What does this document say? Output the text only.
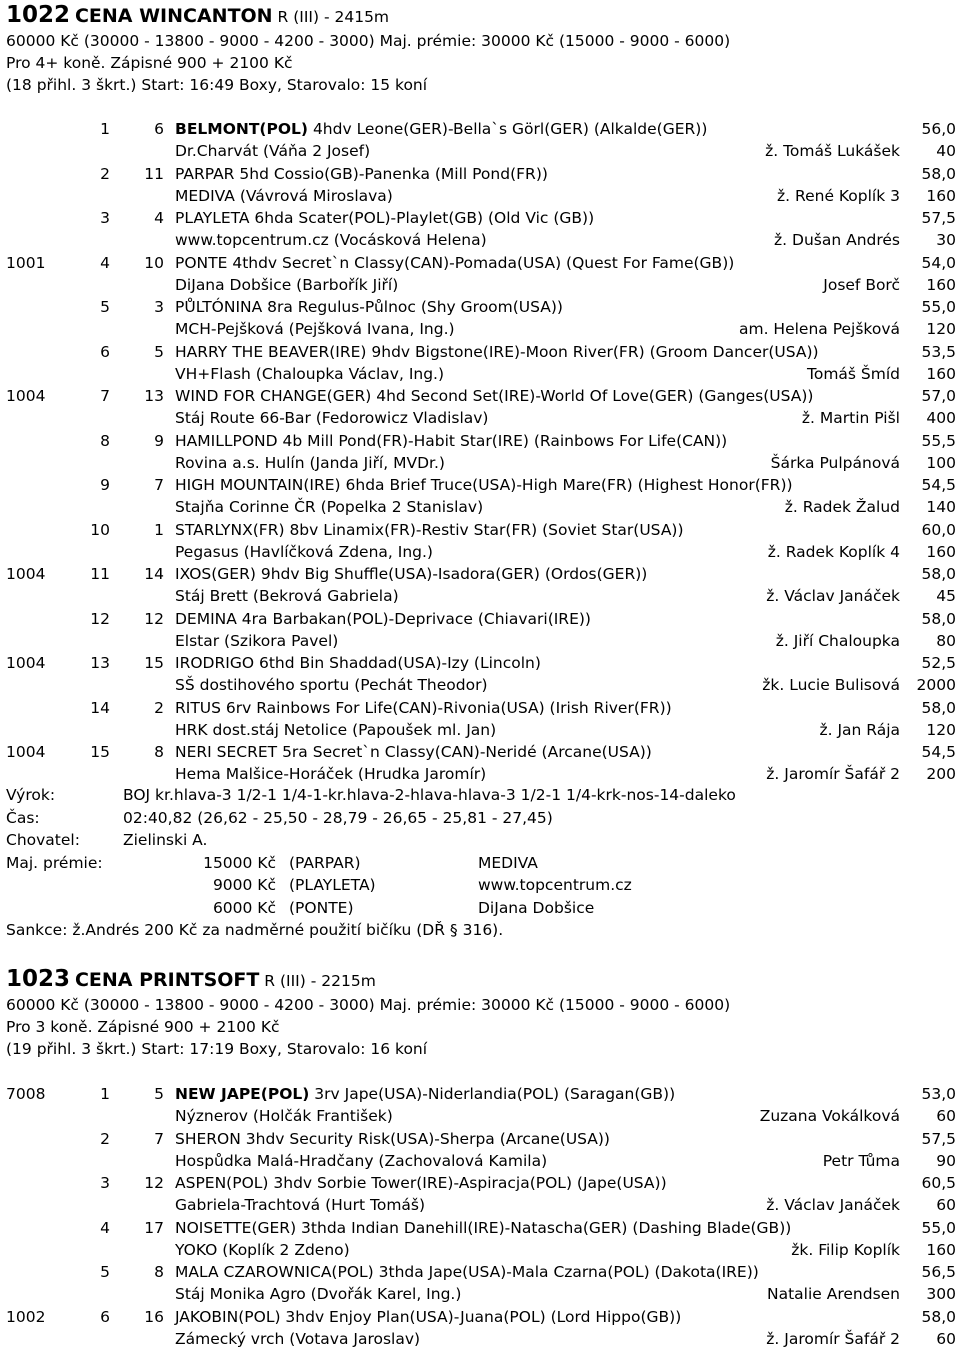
1022 CENA WINCANTON R (III) - 2415m
60000 Kč (30000 - 13800 - 9000 - 4200 - 3000) Maj. prémie: 30000 Kč (15000 - 9000 - 6000)
Pro 4+ koně. Zápisné 900 + 2100 Kč
(18 přihl. 3 škrt.) Start: 16:49 Boxy, Starovalo: 15 koní
1	6 BELMONT(POL) 4hdv Leone(GER)-Bella`s Görl(GER) (Alkalde(GER))	56,0
Dr.Charvát (Váňa 2 Josef)	ž. Tomáš Lukášek 40
2 11 PARPAR 5hd Cossio(GB)-Panenka (Mill Pond(FR))	58,0
MEDIVA (Vávrová Miroslava)	ž. René Koplík 3 160
3	4 PLAYLETA 6hda Scater(POL)-Playlet(GB) (Old Vic (GB))	57,5
www.topcentrum.cz (Vocásková Helena)	ž. Dušan Andrés 30
1001	4 10 PONTE 4thdv Secret`n Classy(CAN)-Pomada(USA) (Quest For Fame(GB))	54,0
DiJana Dobšice (Barbořík Jiří)	Josef Borč 160
5	3 PŮLTÓNINA 8ra Regulus-Půlnoc (Shy Groom(USA))	55,0
MCH-Pejšková (Pejšková Ivana, Ing.)	am. Helena Pejšková 120
6	5 HARRY THE BEAVER(IRE) 9hdv Bigstone(IRE)-Moon River(FR) (Groom Dancer(USA))	53,5
VH+Flash (Chaloupka Václav, Ing.)	Tomáš Šmíd 160
1004	7 13 WIND FOR CHANGE(GER) 4hd Second Set(IRE)-World Of Love(GER) (Ganges(USA))	57,0
Stáj Route 66-Bar (Fedorowicz Vladislav)	ž. Martin Pišl 400
8	9 HAMILLPOND 4b Mill Pond(FR)-Habit Star(IRE) (Rainbows For Life(CAN))	55,5
Rovina a.s. Hulín (Janda Jiří, MVDr.)	Šárka Pulpánová 100
9	7 HIGH MOUNTAIN(IRE) 6hda Brief Truce(USA)-High Mare(FR) (Highest Honor(FR))	54,5
Stajňa Corinne ČR (Popelka 2 Stanislav)	ž. Radek Žalud 140
10	1 STARLYNX(FR) 8bv Linamix(FR)-Restiv Star(FR) (Soviet Star(USA))	60,0
Pegasus (Havlíčková Zdena, Ing.)	ž. Radek Koplík 4 160
1004	11 14 IXOS(GER) 9hdv Big Shuffle(USA)-Isadora(GER) (Ordos(GER))	58,0
Stáj Brett (Bekrová Gabriela)	ž. Václav Janáček 45
12 12 DEMINA 4ra Barbakan(POL)-Deprivace (Chiavari(IRE))	58,0
Elstar (Szikora Pavel)	ž. Jiří Chaloupka 80
1004	13 15 IRODRIGO 6thd Bin Shaddad(USA)-Izy (Lincoln)	52,5
SŠ dostihového sportu (Pechát Theodor)	žk. Lucie Bulisová 2000
14	2 RITUS 6rv Rainbows For Life(CAN)-Rivonia(USA) (Irish River(FR))	58,0
HRK dost.stáj Netolice (Papoušek ml. Jan)	ž. Jan Rája 120
1004	15	8 NERI SECRET 5ra Secret`n Classy(CAN)-Neridé (Arcane(USA))	54,5
Hema Malšice-Horáček (Hrudka Jaromír)	ž. Jaromír Šafář 2 200
Výrok:	BOJ kr.hlava-3 1/2-1 1/4-1-kr.hlava-2-hlava-hlava-3 1/2-1 1/4-krk-nos-14-daleko
Čas:	02:40,82 (26,62 - 25,50 - 28,79 - 26,65 - 25,81 - 27,45)
Chovatel:	Zielinski A.
Maj. prémie:	15000 Kč (PARPAR)	MEDIVA
9000 Kč (PLAYLETA)	www.topcentrum.cz
6000 Kč (PONTE)	DiJana Dobšice
Sankce: ž.Andrés 200 Kč za nadměrné použití bičíku (DŘ § 316).
1023 CENA PRINTSOFT R (III) - 2215m
60000 Kč (30000 - 13800 - 9000 - 4200 - 3000) Maj. prémie: 30000 Kč (15000 - 9000 - 6000)
Pro 3 koně. Zápisné 900 + 2100 Kč
(19 přihl. 3 škrt.) Start: 17:19 Boxy, Starovalo: 16 koní
7008	1	5 NEW JAPE(POL) 3rv Jape(USA)-Niderlandia(POL) (Saragan(GB))	53,0
Nýznerov (Holčák František)	Zuzana Vokálková 60
2	7 SHERON 3hdv Security Risk(USA)-Sherpa (Arcane(USA))	57,5
Hospůdka Malá-Hradčany (Zachovalová Kamila)	Petr Tůma 90
3 12 ASPEN(POL) 3hdv Sorbie Tower(IRE)-Aspiracja(POL) (Jape(USA))	60,5
Gabriela-Trachtová (Hurt Tomáš)	ž. Václav Janáček 60
4 17 NOISETTE(GER) 3thda Indian Danehill(IRE)-Natascha(GER) (Dashing Blade(GB))	55,0
YOKO (Koplík 2 Zdeno)	žk. Filip Koplík 160
5	8 MALA CZAROWNICA(POL) 3thda Jape(USA)-Mala Czarna(POL) (Dakota(IRE))	56,5
Stáj Monika Agro (Dvořák Karel, Ing.)	Natalie Arendsen 300
1002	6 16 JAKOBIN(POL) 3hdv Enjoy Plan(USA)-Juana(POL) (Lord Hippo(GB))	58,0
Zámecký vrch (Votava Jaroslav)	ž. Jaromír Šafář 2 60
